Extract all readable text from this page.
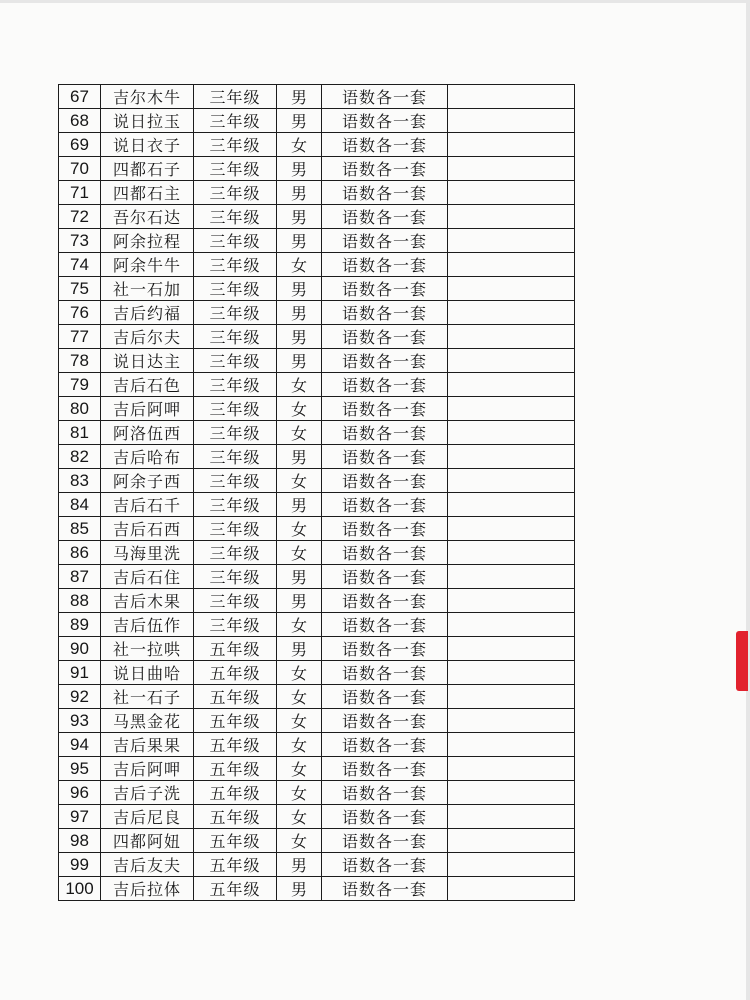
67	吉尔木牛	三年级	男	语数各一套	
68	说日拉玉	三年级	男	语数各一套	
69	说日衣子	三年级	女	语数各一套	
70	四都石子	三年级	男	语数各一套	
71	四都石主	三年级	男	语数各一套	
72	吾尔石达	三年级	男	语数各一套	
73	阿余拉程	三年级	男	语数各一套	
74	阿余牛牛	三年级	女	语数各一套	
75	社一石加	三年级	男	语数各一套	
76	吉后约福	三年级	男	语数各一套	
77	吉后尔夫	三年级	男	语数各一套	
78	说日达主	三年级	男	语数各一套	
79	吉后石色	三年级	女	语数各一套	
80	吉后阿呷	三年级	女	语数各一套	
81	阿洛伍西	三年级	女	语数各一套	
82	吉后哈布	三年级	男	语数各一套	
83	阿余子西	三年级	女	语数各一套	
84	吉后石千	三年级	男	语数各一套	
85	吉后石西	三年级	女	语数各一套	
86	马海里洗	三年级	女	语数各一套	
87	吉后石住	三年级	男	语数各一套	
88	吉后木果	三年级	男	语数各一套	
89	吉后伍作	三年级	女	语数各一套	
90	社一拉哄	五年级	男	语数各一套	
91	说日曲哈	五年级	女	语数各一套	
92	社一石子	五年级	女	语数各一套	
93	马黑金花	五年级	女	语数各一套	
94	吉后果果	五年级	女	语数各一套	
95	吉后阿呷	五年级	女	语数各一套	
96	吉后子洗	五年级	女	语数各一套	
97	吉后尼良	五年级	女	语数各一套	
98	四都阿妞	五年级	女	语数各一套	
99	吉后友夫	五年级	男	语数各一套	
100	吉后拉体	五年级	男	语数各一套	
